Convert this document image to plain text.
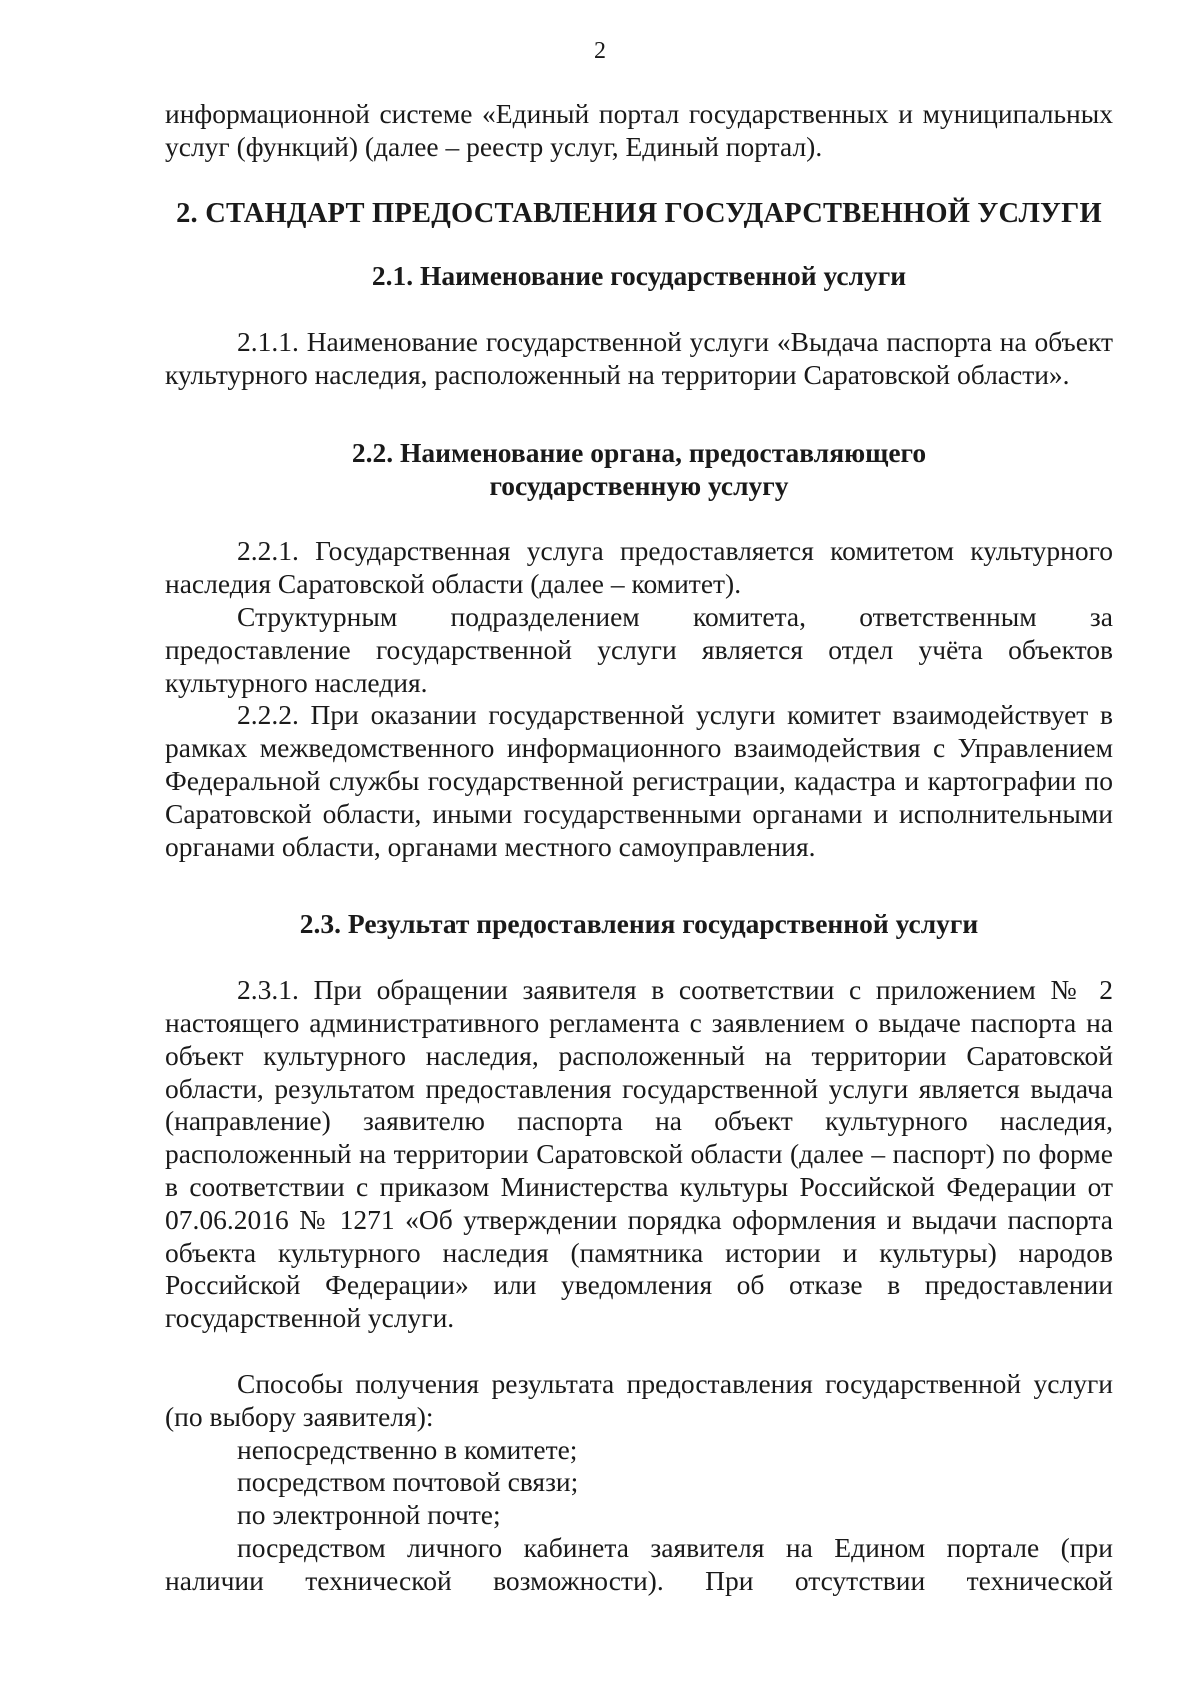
2

информационной системе «Единый портал государственных и муниципальных услуг (функций) (далее – реестр услуг, Единый портал).

2. СТАНДАРТ ПРЕДОСТАВЛЕНИЯ ГОСУДАРСТВЕННОЙ УСЛУГИ

2.1. Наименование государственной услуги

2.1.1. Наименование государственной услуги «Выдача паспорта на объект культурного наследия, расположенный на территории Саратовской области».

2.2. Наименование органа, предоставляющего

государственную услугу

2.2.1. Государственная услуга предоставляется комитетом культурного наследия Саратовской области (далее – комитет).

Структурным подразделением комитета, ответственным за предоставление государственной услуги является отдел учёта объектов культурного наследия.

2.2.2. При оказании государственной услуги комитет взаимодействует в рамках межведомственного информационного взаимодействия с Управлением Федеральной службы государственной регистрации, кадастра и картографии по Саратовской области, иными государственными органами и исполнительными органами области, органами местного самоуправления.

2.3. Результат предоставления государственной услуги

2.3.1. При обращении заявителя в соответствии с приложением № 2 настоящего административного регламента с заявлением о выдаче паспорта на объект культурного наследия, расположенный на территории Саратовской области, результатом предоставления государственной услуги является выдача (направление) заявителю паспорта на объект культурного наследия, расположенный на территории Саратовской области (далее – паспорт) по форме в соответствии с приказом Министерства культуры Российской Федерации от 07.06.2016 № 1271 «Об утверждении порядка оформления и выдачи паспорта объекта культурного наследия (памятника истории и культуры) народов Российской Федерации» или уведомления об отказе в предоставлении государственной услуги.

Способы получения результата предоставления государственной услуги (по выбору заявителя):

непосредственно в комитете;

посредством почтовой связи;

по электронной почте;

посредством личного кабинета заявителя на Едином портале (при

наличии технической возможности). При отсутствии технической
